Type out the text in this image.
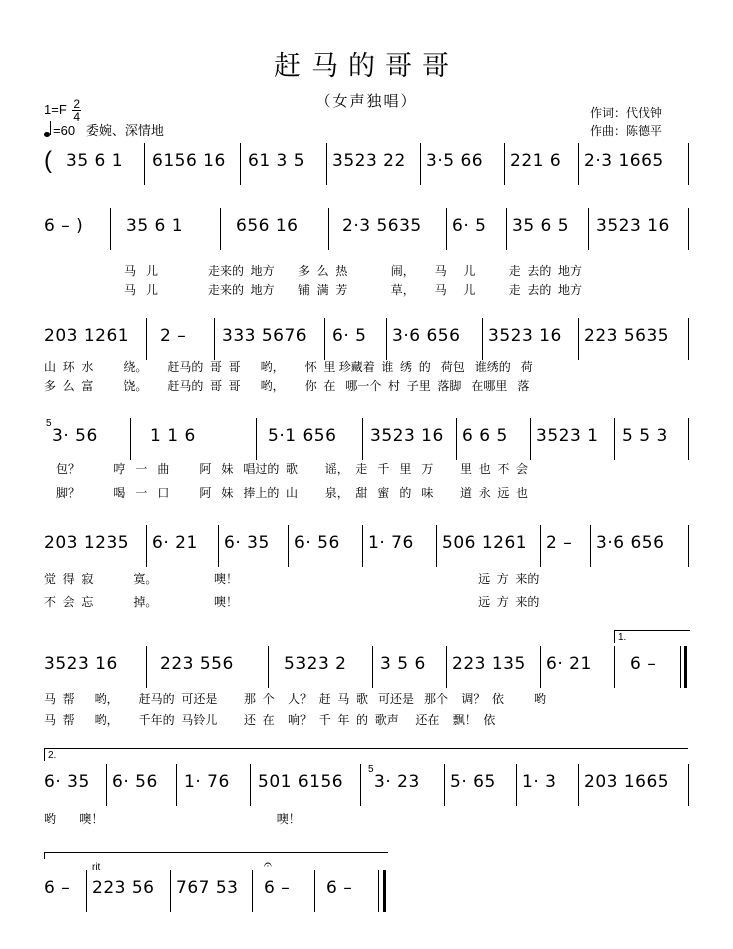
赶马的哥哥
（女声独唱）
$1=F \frac{2}{4}$
=60 委婉、深情地
作词：代伐钟
作曲：陈德平
( 35 6 1 6156 16 61 3 5 3523 22 3·5 66 221 6 2·3 1665
6 – )	35 6 1	656 16	2·3 5635 6· 5 35 6 5 3523 16
马   儿               走来的  地方       多  么  热             闹，      马     儿          走  去的  地方
马   儿               走来的  地方       铺  满  芳             草，      马     儿          走  去的  地方
203 1261 2 – 333 5676 6· 5 3·6 656 3523 16 223 5635
山  环  水         绕。      赶马的  哥  哥      哟，      怀  里 珍藏着  谁  绣  的   荷包   谁绣的   荷
多  么  富         饶。      赶马的  哥  哥      哟，      你  在   哪一个  村  子里  落脚   在哪里   落
5
3· 56	1 1 6	5·1 656 3523 16 6 6 5 3523 1 5 5 3
包？          哼   一   曲         阿   妹   唱过的  歌        谣，  走   千   里   万        里  也  不  会
脚？          喝   一   口         阿   妹   捧上的  山        泉，  甜   蜜   的   味        道  永  远  也
203 1235 6· 21 6· 35 6· 56 1· 76 506 1261 2 – 3·6 656
觉  得  寂            寞。                 噢！                                                                        远  方  来的
不  会  忘            掉。                 噢！                                                                        远  方  来的
1.
3523 16 223 556	5323 2 3 5 6 223 135 6· 21 6 –
马  帮      哟，      赶马的  可还是        那  个    人？  赶  马  歌   可还是   那个    调？  依         哟
马  帮      哟，      千年的  马铃儿        还  在    响？  千  年  的  歌声     还在    飘！  依
2.
6· 35 6· 56 1· 76 501 6156
5
3· 23 5· 65 1· 3 203 1665
哟       噢！                                                    噢！
rit	𝄐
6 – 223 56 767 53 6 – 6 –
